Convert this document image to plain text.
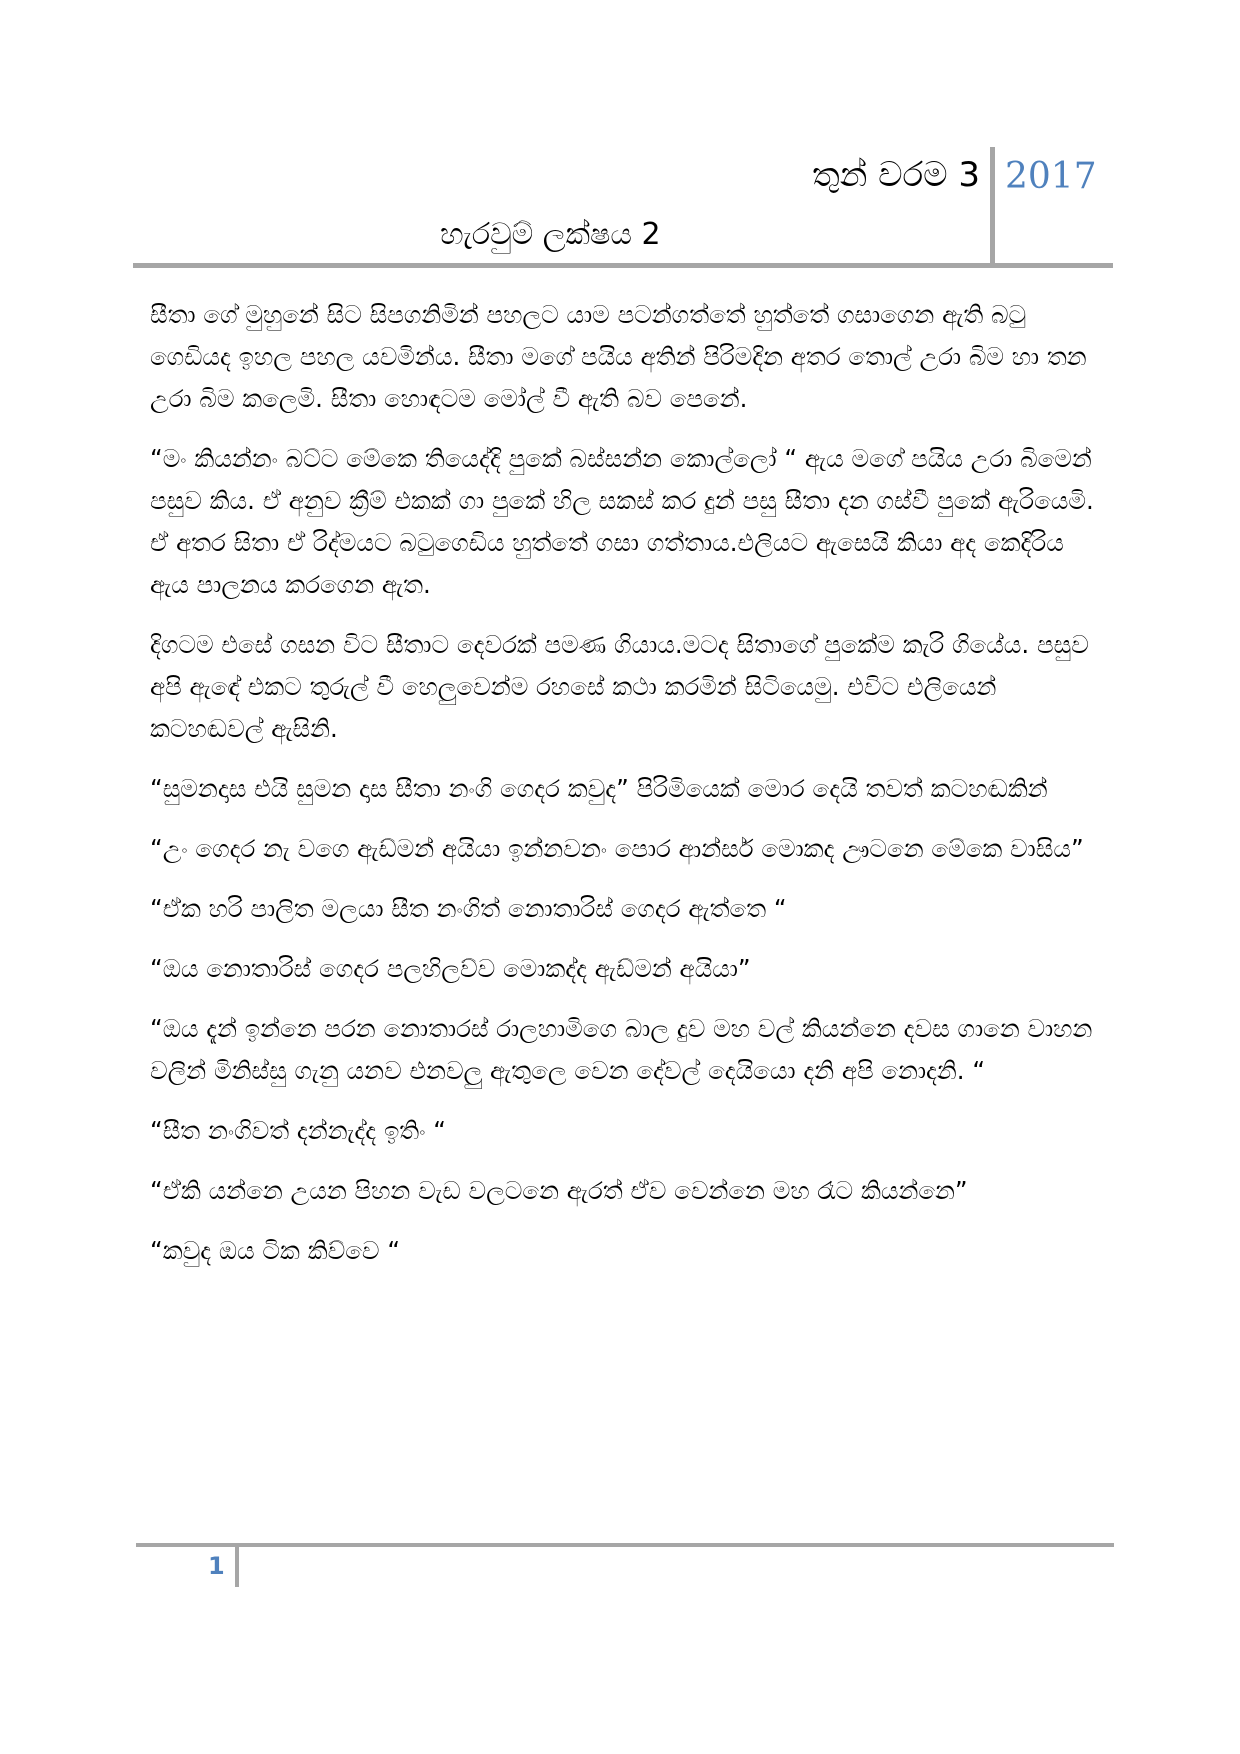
තුන් වරම 3 2017
හැරවුම් ලක්ෂය 2

සීතා ගේ මුහුනේ සිට සිපගනිමින් පහලට යාම පටන්ගත්තේ හුත්තේ ගසාගෙන ඇති බටු ගෙඩියද ඉහල පහල යවමින්ය. සීතා මගේ පයිය අතින් පිරිමදින අතර තොල් උරා බිම හා තන උරා බිම කලෙමි. සීතා හොඳටම මෝල් වී ඇති බව පෙනේ.

“මං කියන්නං බට්ට මේකෙ තියෙද්දි පුකේ බස්සන්න කොල්ලෝ “ ඇය මගේ පයිය උරා බිමෙන් පසුව කිය. ඒ අනුව ක්‍රීම් එකක් ගා පුකේ හිල සකස් කර දුන් පසු සීතා දන ගස්වී පුකේ ඇරියෙමි. ඒ අතර සිතා ඒ රිද්මයට බටුගෙඩිය හුත්තේ ගසා ගත්තාය.එලියට ඇසෙයි කියා අද කෙදිරිය ඇය පාලනය කරගෙන ඇත.

දිගටම එසේ ගසන විට සීතාට දෙවරක් පමණ ගියාය.මටද සිතාගේ පුකේම කැරි ගියේය. පසුව අපි ඇඳේ එකට තුරුල් වී හෙලුවෙන්ම රහසේ කථා කරමින් සිටියෙමු. එවිට එලියෙන් කටහඬවල් ඇසිනි.

“සුමනදාස එයි සුමන දාස සීතා නංගි ගෙදර කවුද” පිරිමියෙක් මොර දෙයි තවත් කටහඬකින්

“උං ගෙදර නැ වගෙ ඇඩ්මන් අයියා ඉන්නවනං පොර ආන්සර් මොකද ඌටනෙ මේකෙ වාසිය”

“ඒක හරි පාලිත මලයා සීත නංගිත් නොතාරිස් ගෙදර ඇත්තෙ “

“ඔය නොතාරිස් ගෙදර පලහිලව්ව මොකද්ද ඇඩ්මන් අයියා”

“ඔය දැන් ඉන්නෙ පරන නොතාරස් රාලහාමිගෙ බාල දුව මහ වල් කියන්නෙ දවස ගානෙ වාහන වලින් මිනිස්සු ගැනු යනව එනවලු ඇතුලෙ වෙන දේවල් දෙයියො දනි අපි නොදනි. “

“සීත නංගිවත් දන්නැද්ද ඉතිං “

“ඒකි යන්නෙ උයන පිහන වැඩ වලටනෙ ඇරත් ඒව වෙන්නෙ මහ රෑට කියන්නෙ”

“කවුද ඔය ටික කිව්වෙ “

1
